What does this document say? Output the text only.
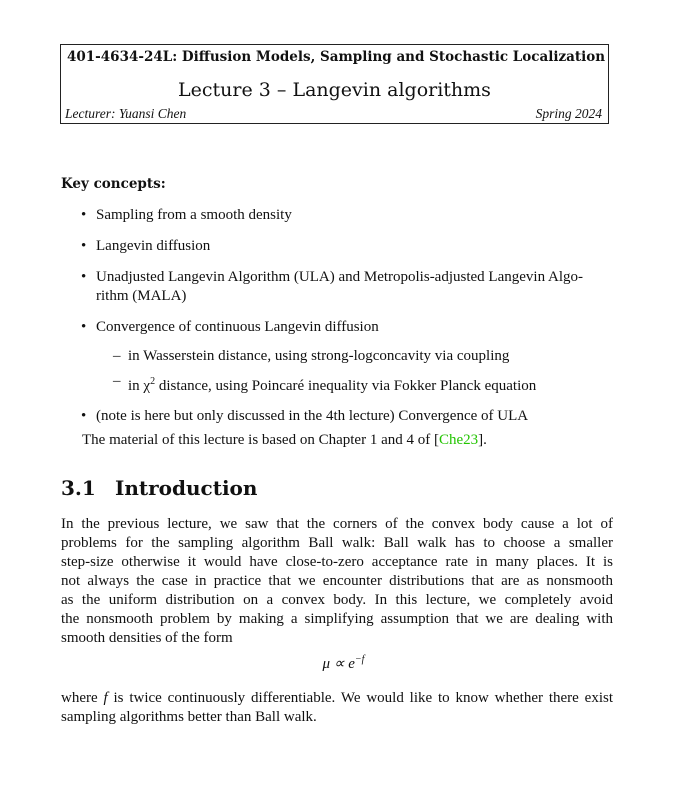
401-4634-24L: Diffusion Models, Sampling and Stochastic Localization
Lecture 3 – Langevin algorithms
Lecturer: Yuansi Chen	Spring 2024
Key concepts:
• Sampling from a smooth density
• Langevin diffusion
• Unadjusted Langevin Algorithm (ULA) and Metropolis-adjusted Langevin Algo-
rithm (MALA)
• Convergence of continuous Langevin diffusion
– in Wasserstein distance, using strong-logconcavity via coupling
– in $\chi^2$ distance, using Poincaré inequality via Fokker Planck equation
• (note is here but only discussed in the 4th lecture) Convergence of ULA
The material of this lecture is based on Chapter 1 and 4 of [Che23].
3.1 Introduction
In the previous lecture, we saw that the corners of the convex body cause a lot of
problems for the sampling algorithm Ball walk: Ball walk has to choose a smaller
step-size otherwise it would have close-to-zero acceptance rate in many places. It is
not always the case in practice that we encounter distributions that are as nonsmooth
as the uniform distribution on a convex body. In this lecture, we completely avoid
the nonsmooth problem by making a simplifying assumption that we are dealing with
smooth densities of the form
$\mu \propto e^{-f}$
where f is twice continuously differentiable. We would like to know whether there exist
sampling algorithms better than Ball walk.
